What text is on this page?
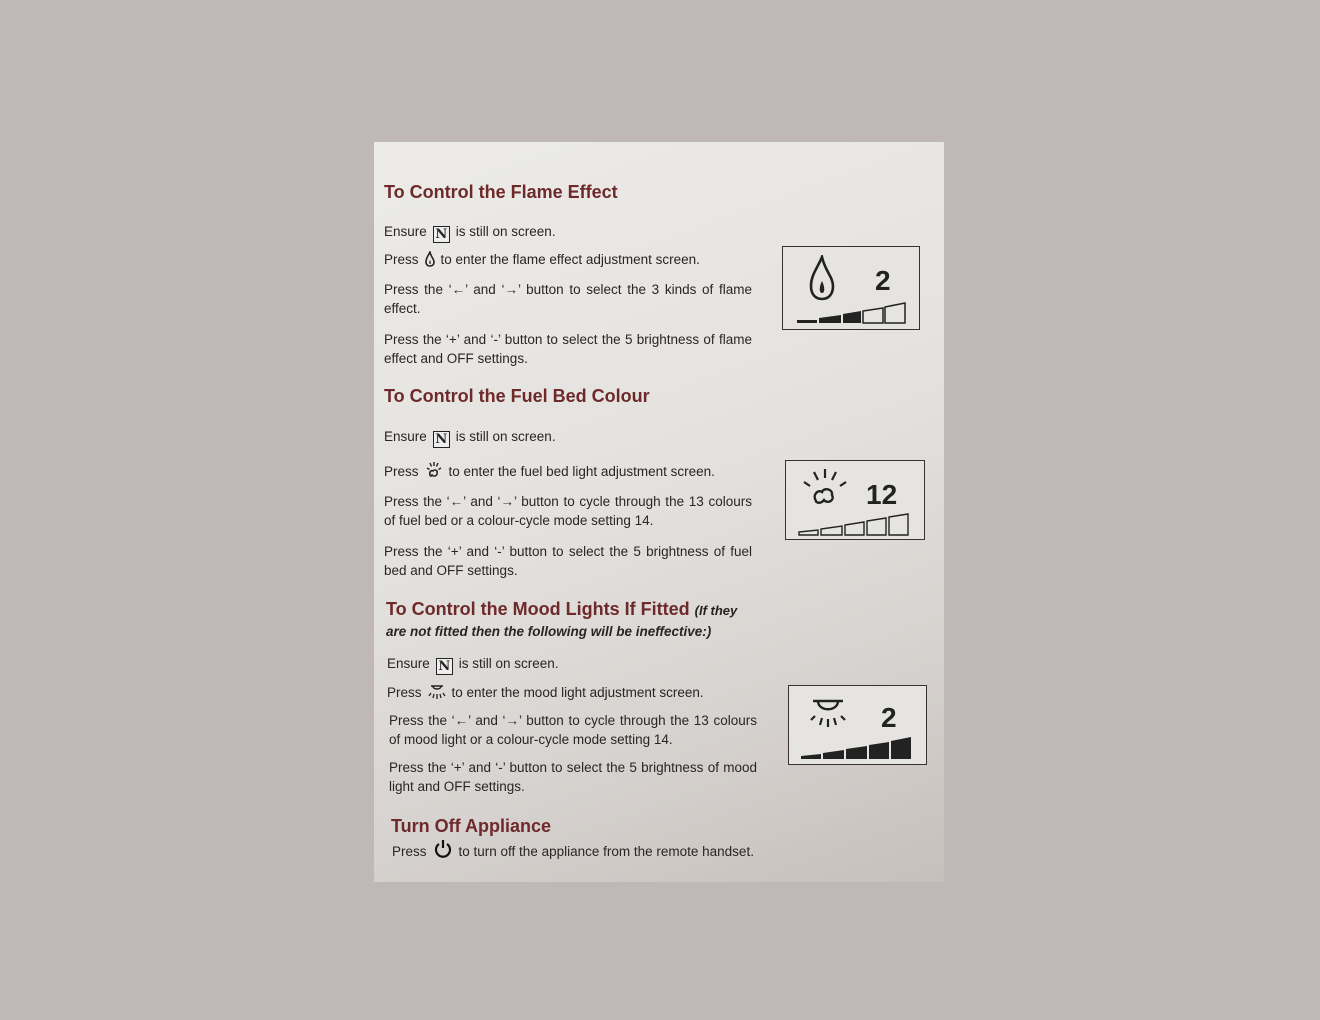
To Control the Flame Effect

Ensure N is still on screen.

Press to enter the flame effect adjustment screen.

Press the ‘←’ and ‘→’ button to select the 3 kinds of flame effect.

Press the ‘+’ and ‘-’ button to select the 5 brightness of flame effect and OFF settings.

To Control the Fuel Bed Colour

Ensure N is still on screen.

Press to enter the fuel bed light adjustment screen.

Press the ‘←’ and ‘→’ button to cycle through the 13 colours of fuel bed or a colour-cycle mode setting 14.

Press the ‘+’ and ‘-’ button to select the 5 brightness of fuel bed and OFF settings.

To Control the Mood Lights If Fitted (If they

are not fitted then the following will be ineffective:)

Ensure N is still on screen.

Press to enter the mood light adjustment screen.

Press the ‘←’ and ‘→’ button to cycle through the 13 colours of mood light or a colour-cycle mode setting 14.

Press the ‘+’ and ‘-’ button to select the 5 brightness of mood light and OFF settings.

Turn Off Appliance

Press to turn off the appliance from the remote handset.

2
12
2
